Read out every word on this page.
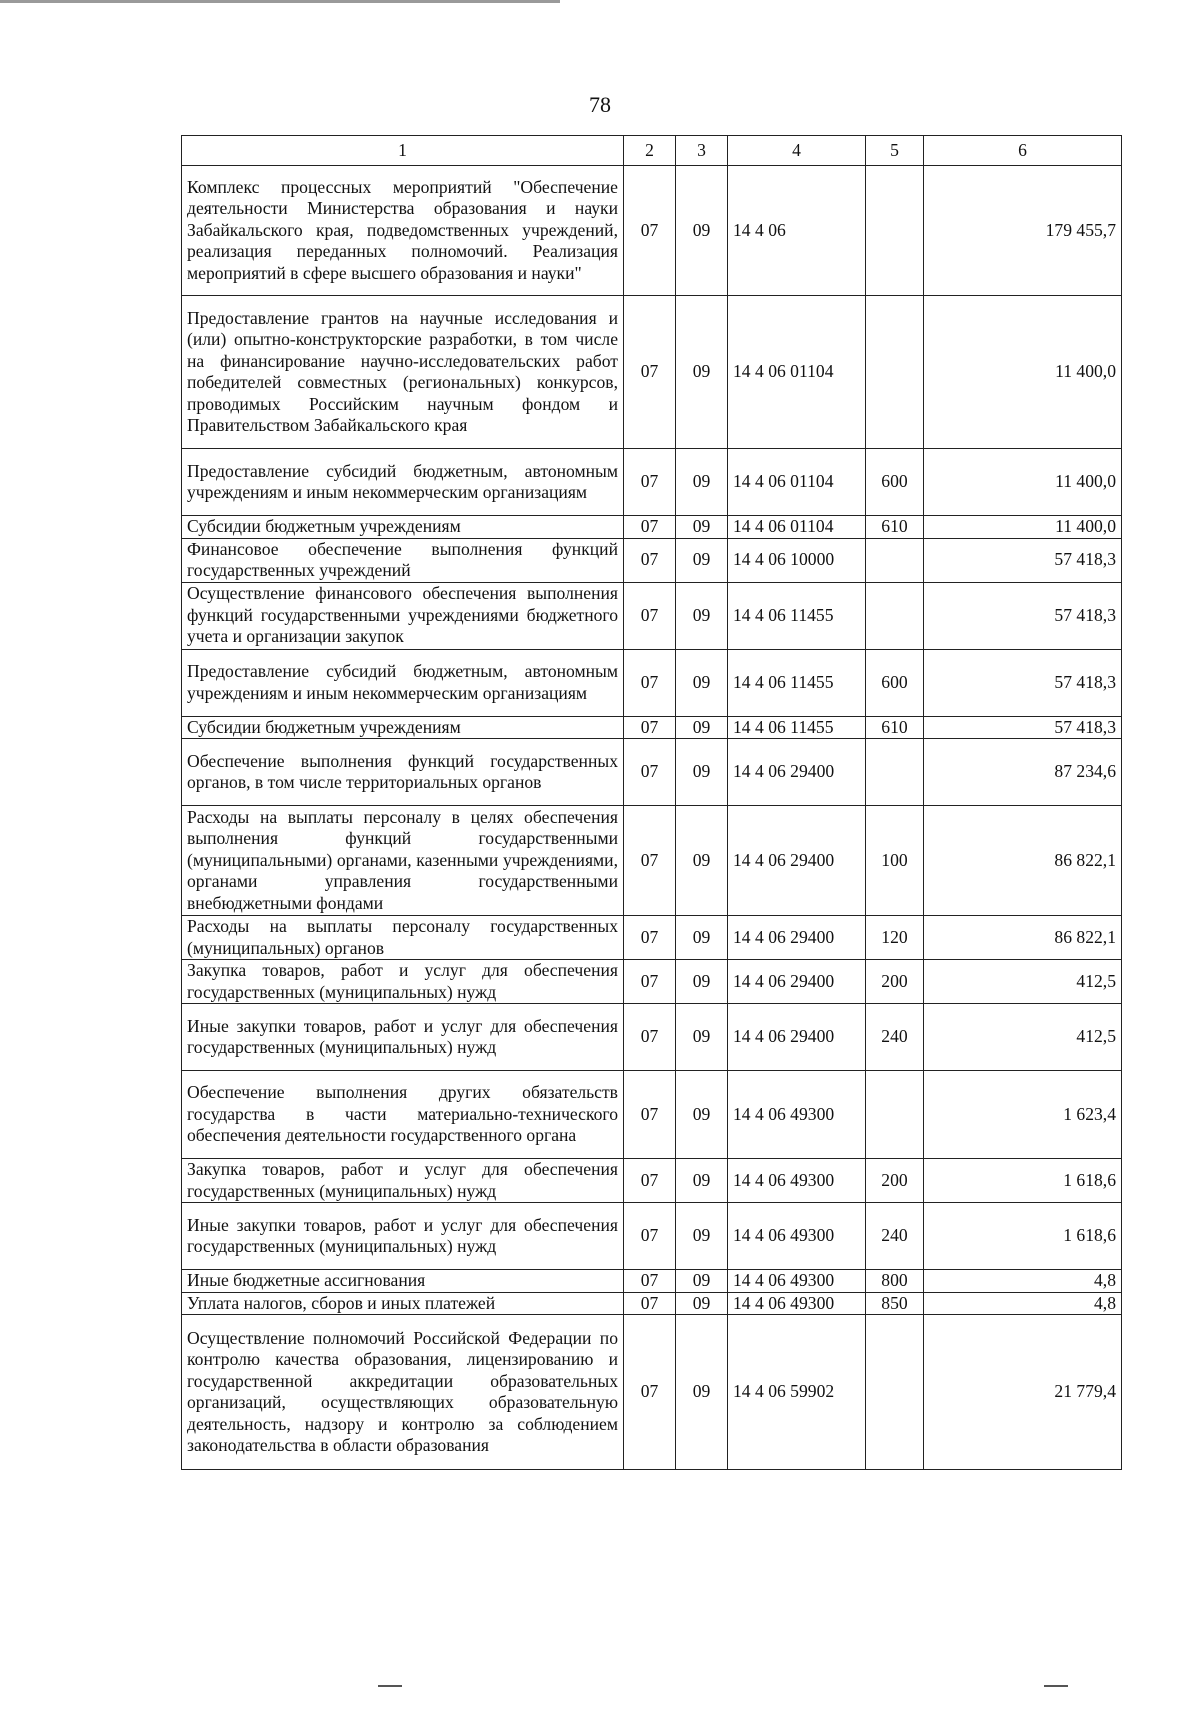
78
1	2	3	4	5	6
Комплекс процессных мероприятий "Обеспечение деятельности Министерства образования и науки Забайкальского края, подведомственных учреждений, реализация переданных полномочий. Реализация мероприятий в сфере высшего образования и науки"	07	09	14 4 06		179 455,7
Предоставление грантов на научные исследования и (или) опытно-конструкторские разработки, в том числе на финансирование научно-исследовательских работ победителей совместных (региональных) конкурсов, проводимых Российским научным фондом и Правительством Забайкальского края	07	09	14 4 06 01104		11 400,0
Предоставление субсидий бюджетным, автономным учреждениям и иным некоммерческим организациям	07	09	14 4 06 01104	600	11 400,0
Субсидии бюджетным учреждениям	07	09	14 4 06 01104	610	11 400,0
Финансовое обеспечение выполнения функций государственных учреждений	07	09	14 4 06 10000		57 418,3
Осуществление финансового обеспечения выполнения функций государственными учреждениями бюджетного учета и организации закупок	07	09	14 4 06 11455		57 418,3
Предоставление субсидий бюджетным, автономным учреждениям и иным некоммерческим организациям	07	09	14 4 06 11455	600	57 418,3
Субсидии бюджетным учреждениям	07	09	14 4 06 11455	610	57 418,3
Обеспечение выполнения функций государственных органов, в том числе территориальных органов	07	09	14 4 06 29400		87 234,6
Расходы на выплаты персоналу в целях обеспечения выполнения функций государственными (муниципальными) органами, казенными учреждениями, органами управления государственными внебюджетными фондами	07	09	14 4 06 29400	100	86 822,1
Расходы на выплаты персоналу государственных (муниципальных) органов	07	09	14 4 06 29400	120	86 822,1
Закупка товаров, работ и услуг для обеспечения государственных (муниципальных) нужд	07	09	14 4 06 29400	200	412,5
Иные закупки товаров, работ и услуг для обеспечения государственных (муниципальных) нужд	07	09	14 4 06 29400	240	412,5
Обеспечение выполнения других обязательств государства в части материально-технического обеспечения деятельности государственного органа	07	09	14 4 06 49300		1 623,4
Закупка товаров, работ и услуг для обеспечения государственных (муниципальных) нужд	07	09	14 4 06 49300	200	1 618,6
Иные закупки товаров, работ и услуг для обеспечения государственных (муниципальных) нужд	07	09	14 4 06 49300	240	1 618,6
Иные бюджетные ассигнования	07	09	14 4 06 49300	800	4,8
Уплата налогов, сборов и иных платежей	07	09	14 4 06 49300	850	4,8
Осуществление полномочий Российской Федерации по контролю качества образования, лицензированию и государственной аккредитации образовательных организаций, осуществляющих образовательную деятельность, надзору и контролю за соблюдением законодательства в области образования	07	09	14 4 06 59902		21 779,4
